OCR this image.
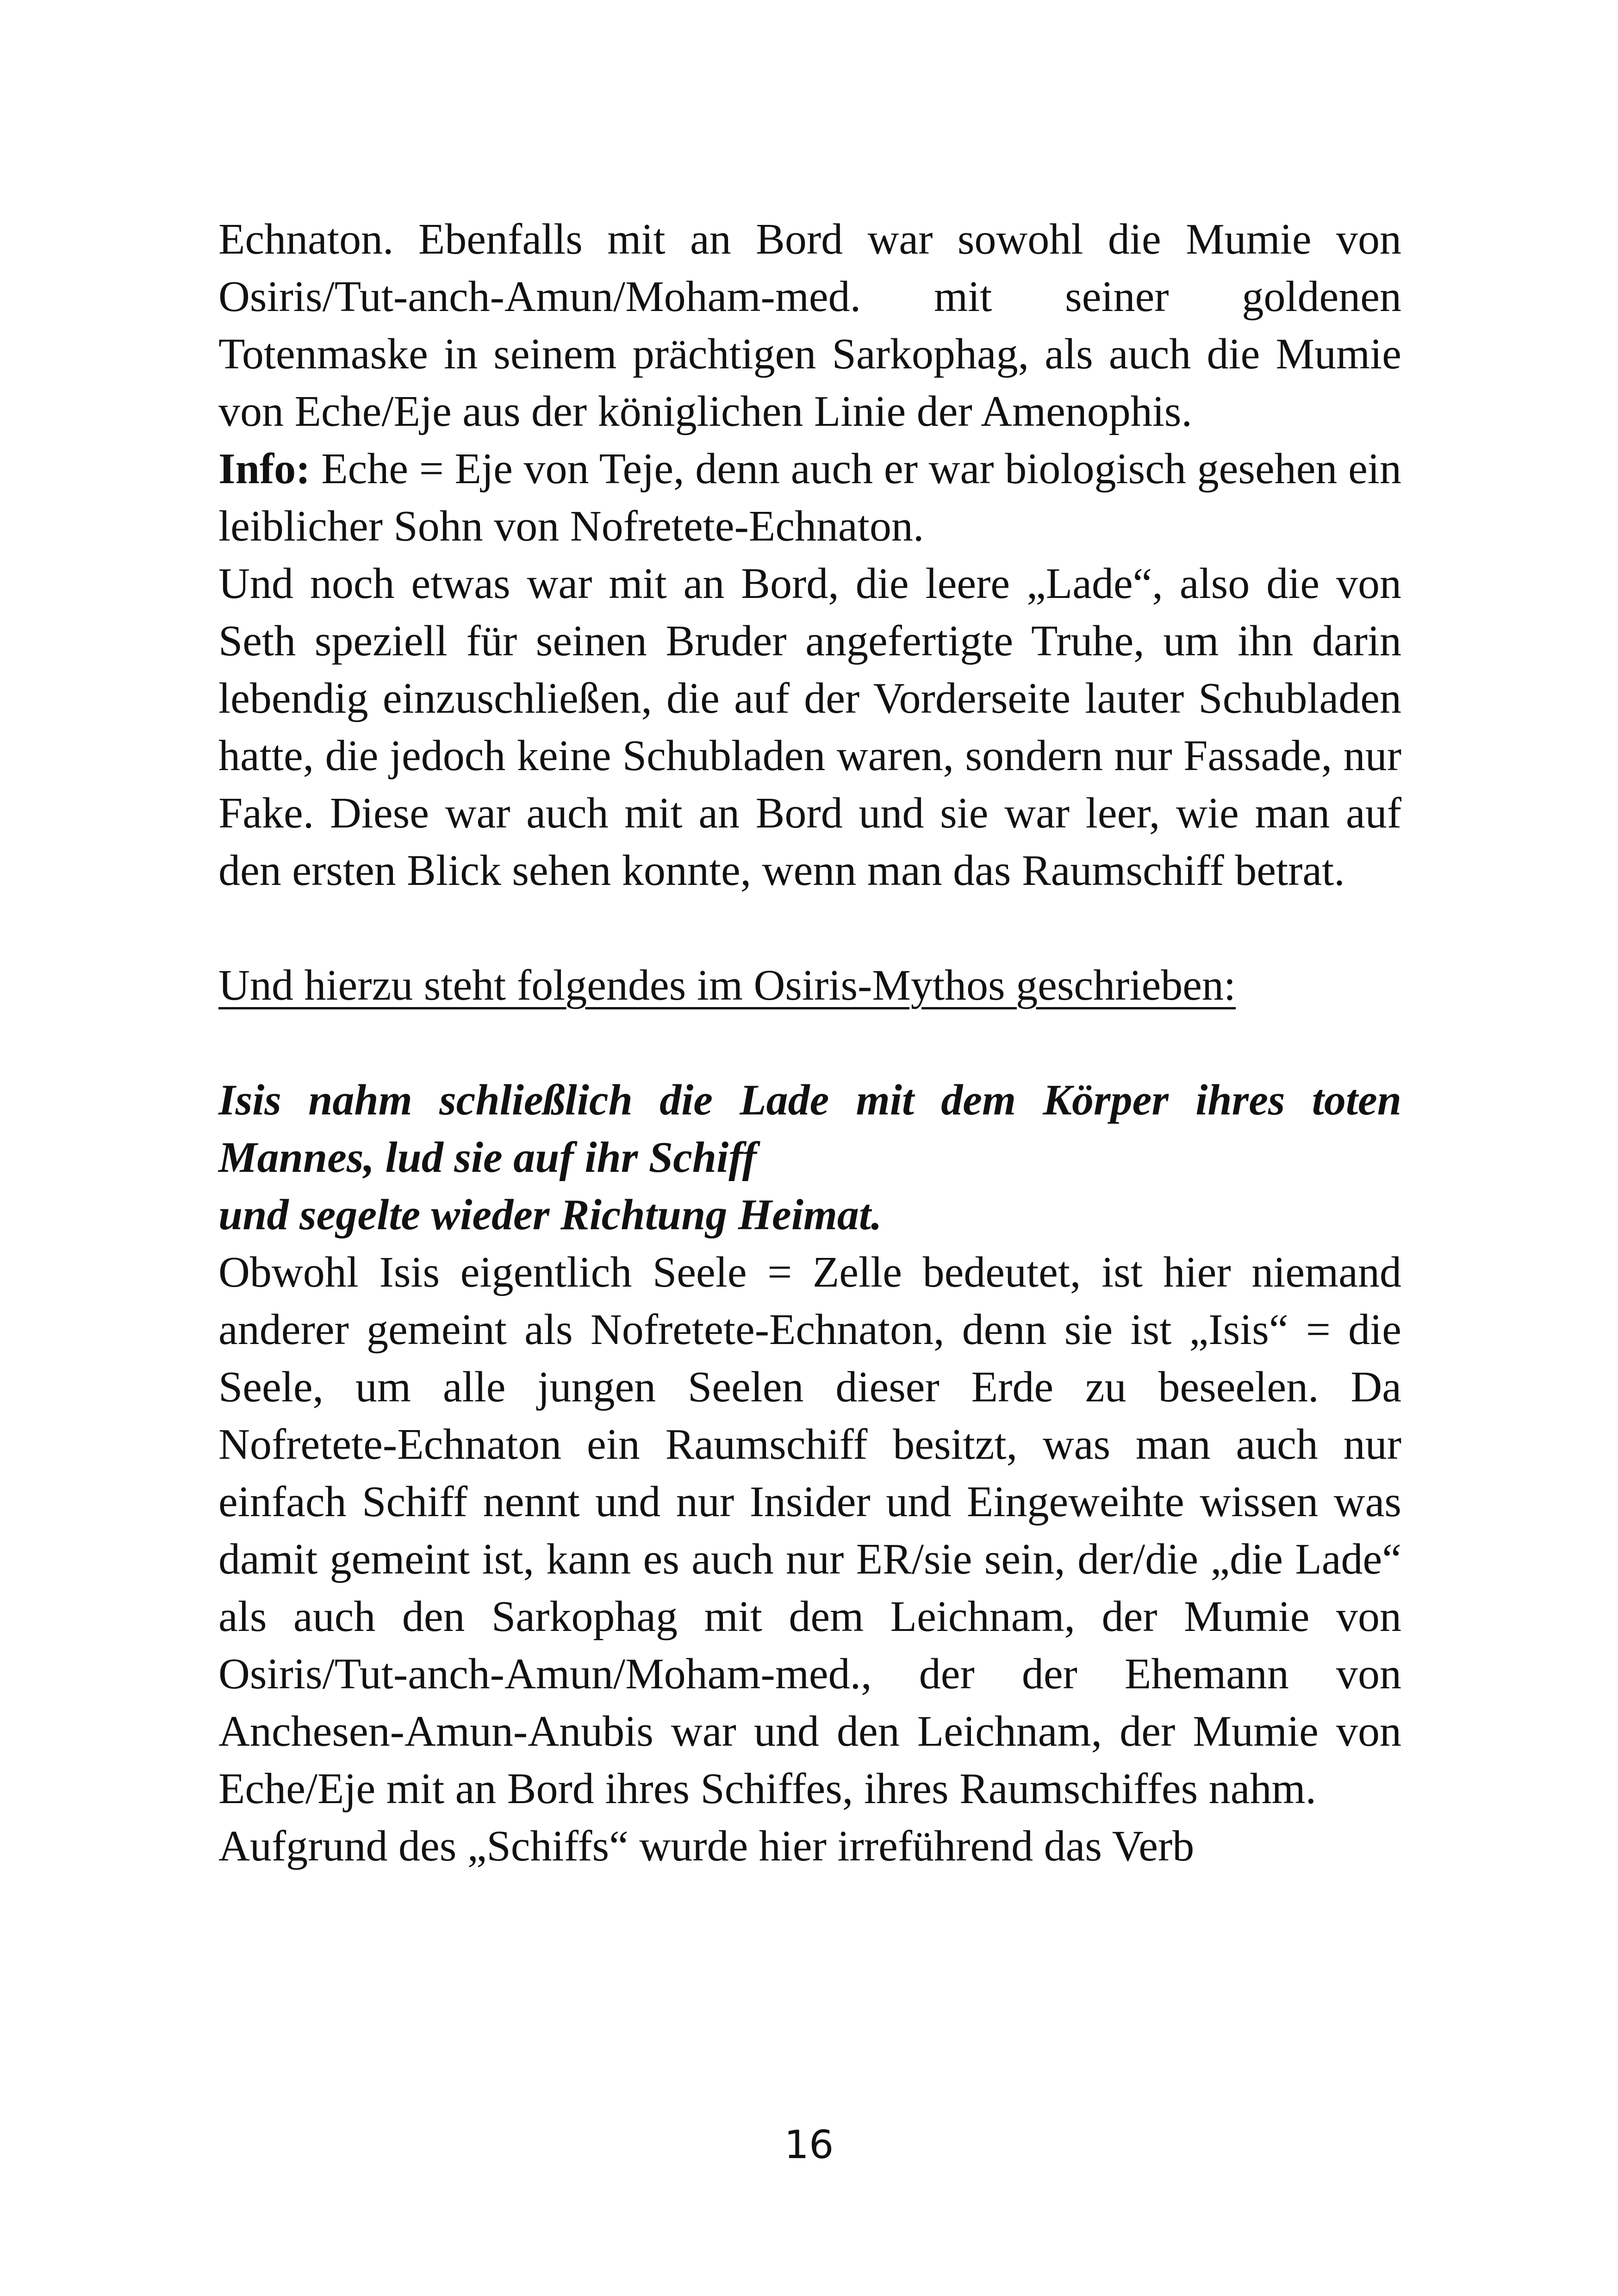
Echnaton. Ebenfalls mit an Bord war sowohl die Mumie von Osiris/Tut-anch-Amun/Moham-med. mit seiner goldenen Totenmaske in seinem prächtigen Sarkophag, als auch die Mumie von Eche/Eje aus der königlichen Linie der Amenophis.

Info: Eche = Eje von Teje, denn auch er war biologisch gesehen ein leiblicher Sohn von Nofretete-Echnaton.

Und noch etwas war mit an Bord, die leere „Lade“, also die von Seth speziell für seinen Bruder angefertigte Truhe, um ihn darin lebendig einzuschließen, die auf der Vorderseite lauter Schubladen hatte, die jedoch keine Schubladen waren, sondern nur Fassade, nur Fake. Diese war auch mit an Bord und sie war leer, wie man auf den ersten Blick sehen konnte, wenn man das Raumschiff betrat.

Und hierzu steht folgendes im Osiris-Mythos geschrieben:

Isis nahm schließlich die Lade mit dem Körper ihres toten Mannes, lud sie auf ihr Schiff
und segelte wieder Richtung Heimat.

Obwohl Isis eigentlich Seele = Zelle bedeutet, ist hier niemand anderer gemeint als Nofretete-Echnaton, denn sie ist „Isis“ = die Seele, um alle jungen Seelen dieser Erde zu beseelen. Da Nofretete-Echnaton ein Raumschiff besitzt, was man auch nur einfach Schiff nennt und nur Insider und Eingeweihte wissen was damit gemeint ist, kann es auch nur ER/sie sein, der/die „die Lade“ als auch den Sarkophag mit dem Leichnam, der Mumie von Osiris/Tut-anch-Amun/Moham-med., der der Ehemann von Anchesen-Amun-Anubis war und den Leichnam, der Mumie von Eche/Eje mit an Bord ihres Schiffes, ihres Raumschiffes nahm.

Aufgrund des „Schiffs“ wurde hier irreführend das Verb

16
